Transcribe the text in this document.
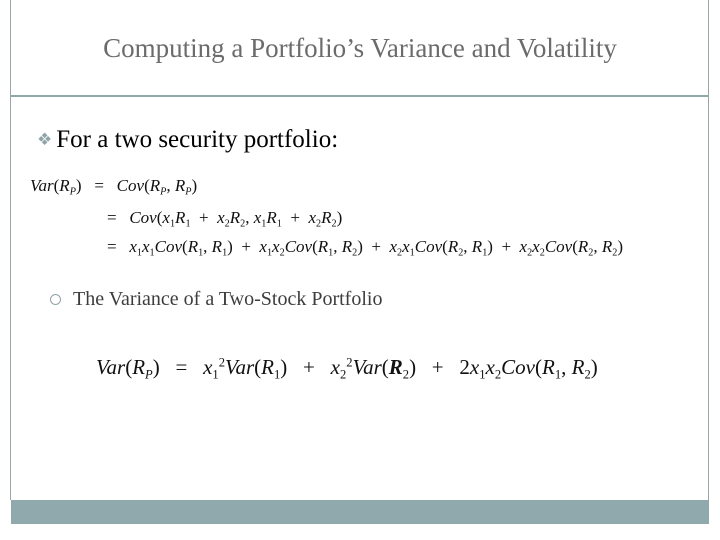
Computing a Portfolio’s Variance and Volatility
❖ For a two security portfolio:
$Var(R_P) = Cov(R_P$, $R_P$)
=   $Cov(x_1R_1 + x_2R_2$, $x_1R_1 + x_2R_2$)
=   $x_1x_1Cov(R_1$, $R_1) + x_1x_2Cov(R_1$, $R_2) + x_2x_1Cov(R_2$, $R_1) + x_2x_2Cov(R_2$, $R_2$)
The Variance of a Two-Stock Portfolio
$Var(R_P) = x_1^2Var(R_1) + x_2^2Var(R_2) + 2x_1x_2Cov(R_1$, $R_2$)
